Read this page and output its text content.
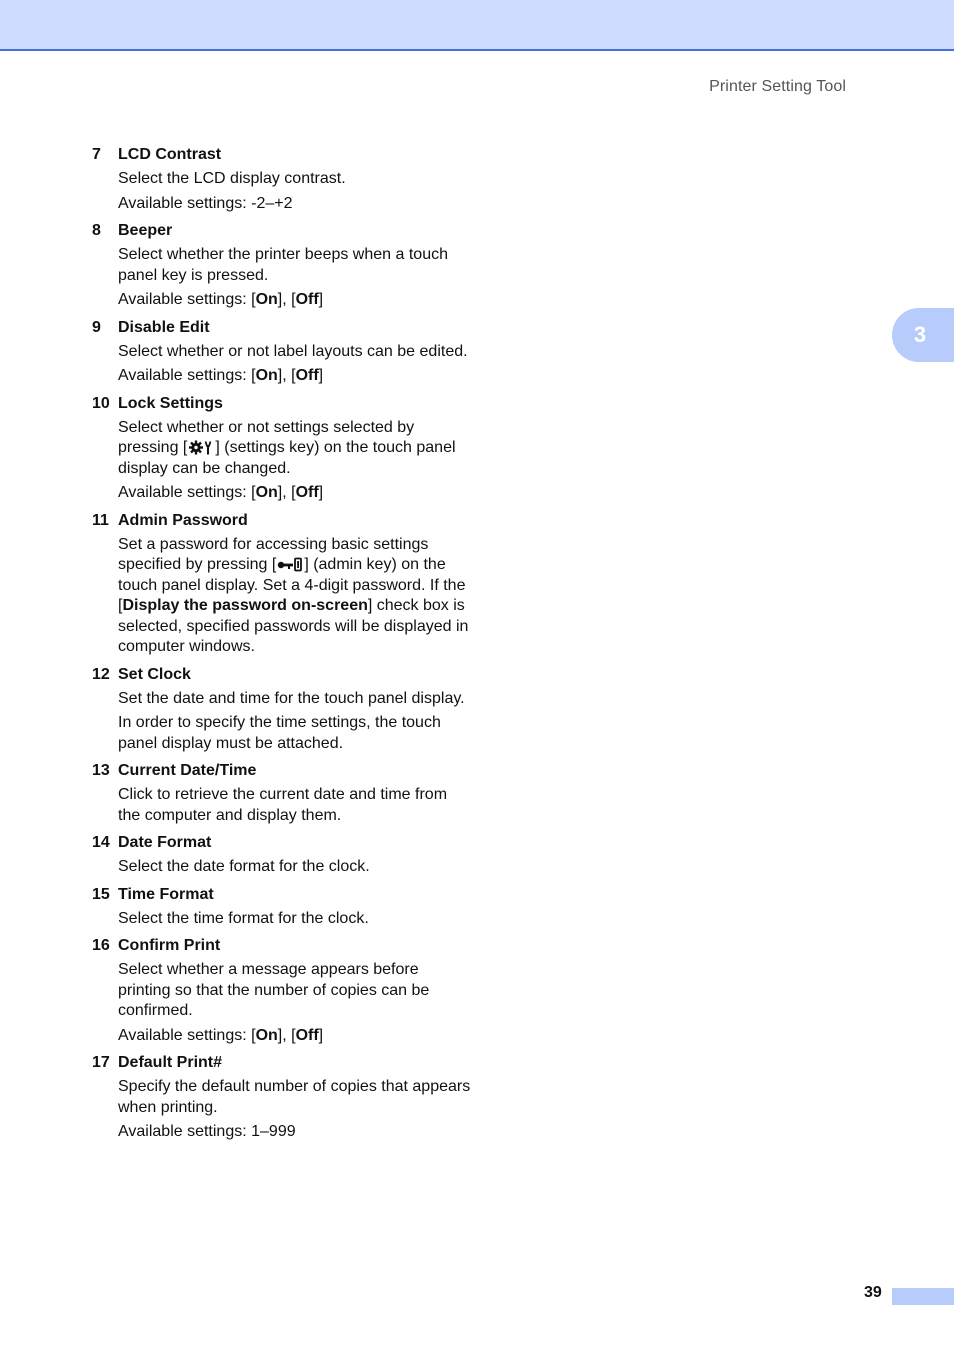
Printer Setting Tool
3
7	LCD Contrast
Select the LCD display contrast.
Available settings: -2–+2
8	Beeper
Select whether the printer beeps when a touch panel key is pressed.
Available settings: [On], [Off]
9	Disable Edit
Select whether or not label layouts can be edited.
Available settings: [On], [Off]
10 Lock Settings
Select whether or not settings selected by pressing [ ] (settings key) on the touch panel display can be changed.
Available settings: [On], [Off]
11 Admin Password
Set a password for accessing basic settings specified by pressing [ ] (admin key) on the touch panel display. Set a 4-digit password. If the [Display the password on-screen] check box is selected, specified passwords will be displayed in computer windows.
12 Set Clock
Set the date and time for the touch panel display.
In order to specify the time settings, the touch panel display must be attached.
13 Current Date/Time
Click to retrieve the current date and time from the computer and display them.
14 Date Format
Select the date format for the clock.
15 Time Format
Select the time format for the clock.
16 Confirm Print
Select whether a message appears before printing so that the number of copies can be confirmed.
Available settings: [On], [Off]
17 Default Print#
Specify the default number of copies that appears when printing.
Available settings: 1–999
39
